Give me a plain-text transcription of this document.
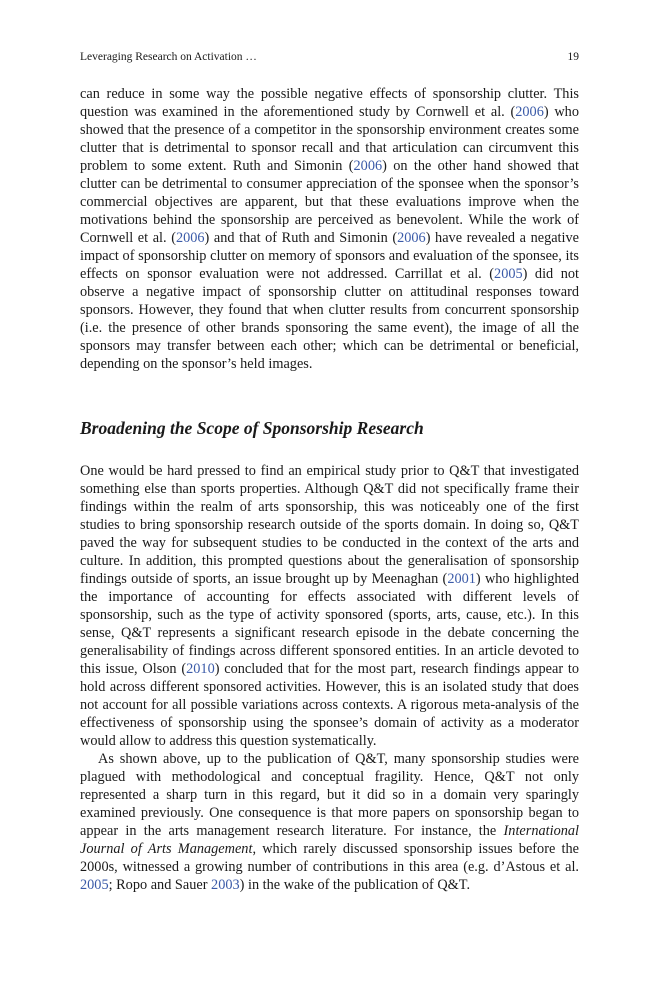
Leveraging Research on Activation …	19

can reduce in some way the possible negative effects of sponsorship clutter. This question was examined in the aforementioned study by Cornwell et al. (2006) who showed that the presence of a competitor in the sponsorship environment creates some clutter that is detrimental to sponsor recall and that articulation can circumvent this problem to some extent. Ruth and Simonin (2006) on the other hand showed that clutter can be detrimental to consumer appreciation of the sponsee when the sponsor’s commercial objectives are apparent, but that these evaluations improve when the motivations behind the sponsorship are perceived as benevolent. While the work of Cornwell et al. (2006) and that of Ruth and Simonin (2006) have revealed a negative impact of sponsorship clutter on memory of sponsors and evaluation of the sponsee, its effects on sponsor evaluation were not addressed. Carrillat et al. (2005) did not observe a negative impact of sponsorship clutter on attitudinal responses toward sponsors. However, they found that when clutter results from concurrent sponsorship (i.e. the presence of other brands sponsoring the same event), the image of all the sponsors may transfer between each other; which can be detrimental or beneficial, depending on the sponsor’s held images.

Broadening the Scope of Sponsorship Research

One would be hard pressed to find an empirical study prior to Q&T that investigated something else than sports properties. Although Q&T did not specifically frame their findings within the realm of arts sponsorship, this was noticeably one of the first studies to bring sponsorship research outside of the sports domain. In doing so, Q&T paved the way for subsequent studies to be conducted in the context of the arts and culture. In addition, this prompted questions about the generalisation of sponsorship findings outside of sports, an issue brought up by Meenaghan (2001) who highlighted the importance of accounting for effects associated with different levels of sponsorship, such as the type of activity sponsored (sports, arts, cause, etc.). In this sense, Q&T represents a significant research episode in the debate concerning the generalisability of findings across different sponsored entities. In an article devoted to this issue, Olson (2010) concluded that for the most part, research findings appear to hold across different sponsored activities. However, this is an isolated study that does not account for all possible variations across contexts. A rigorous meta-analysis of the effectiveness of sponsorship using the sponsee’s domain of activity as a moderator would allow to address this question systematically.

As shown above, up to the publication of Q&T, many sponsorship studies were plagued with methodological and conceptual fragility. Hence, Q&T not only represented a sharp turn in this regard, but it did so in a domain very sparingly examined previously. One consequence is that more papers on sponsorship began to appear in the arts management research literature. For instance, the International Journal of Arts Management, which rarely discussed sponsorship issues before the 2000s, witnessed a growing number of contributions in this area (e.g. d’Astous et al. 2005; Ropo and Sauer 2003) in the wake of the publication of Q&T.
